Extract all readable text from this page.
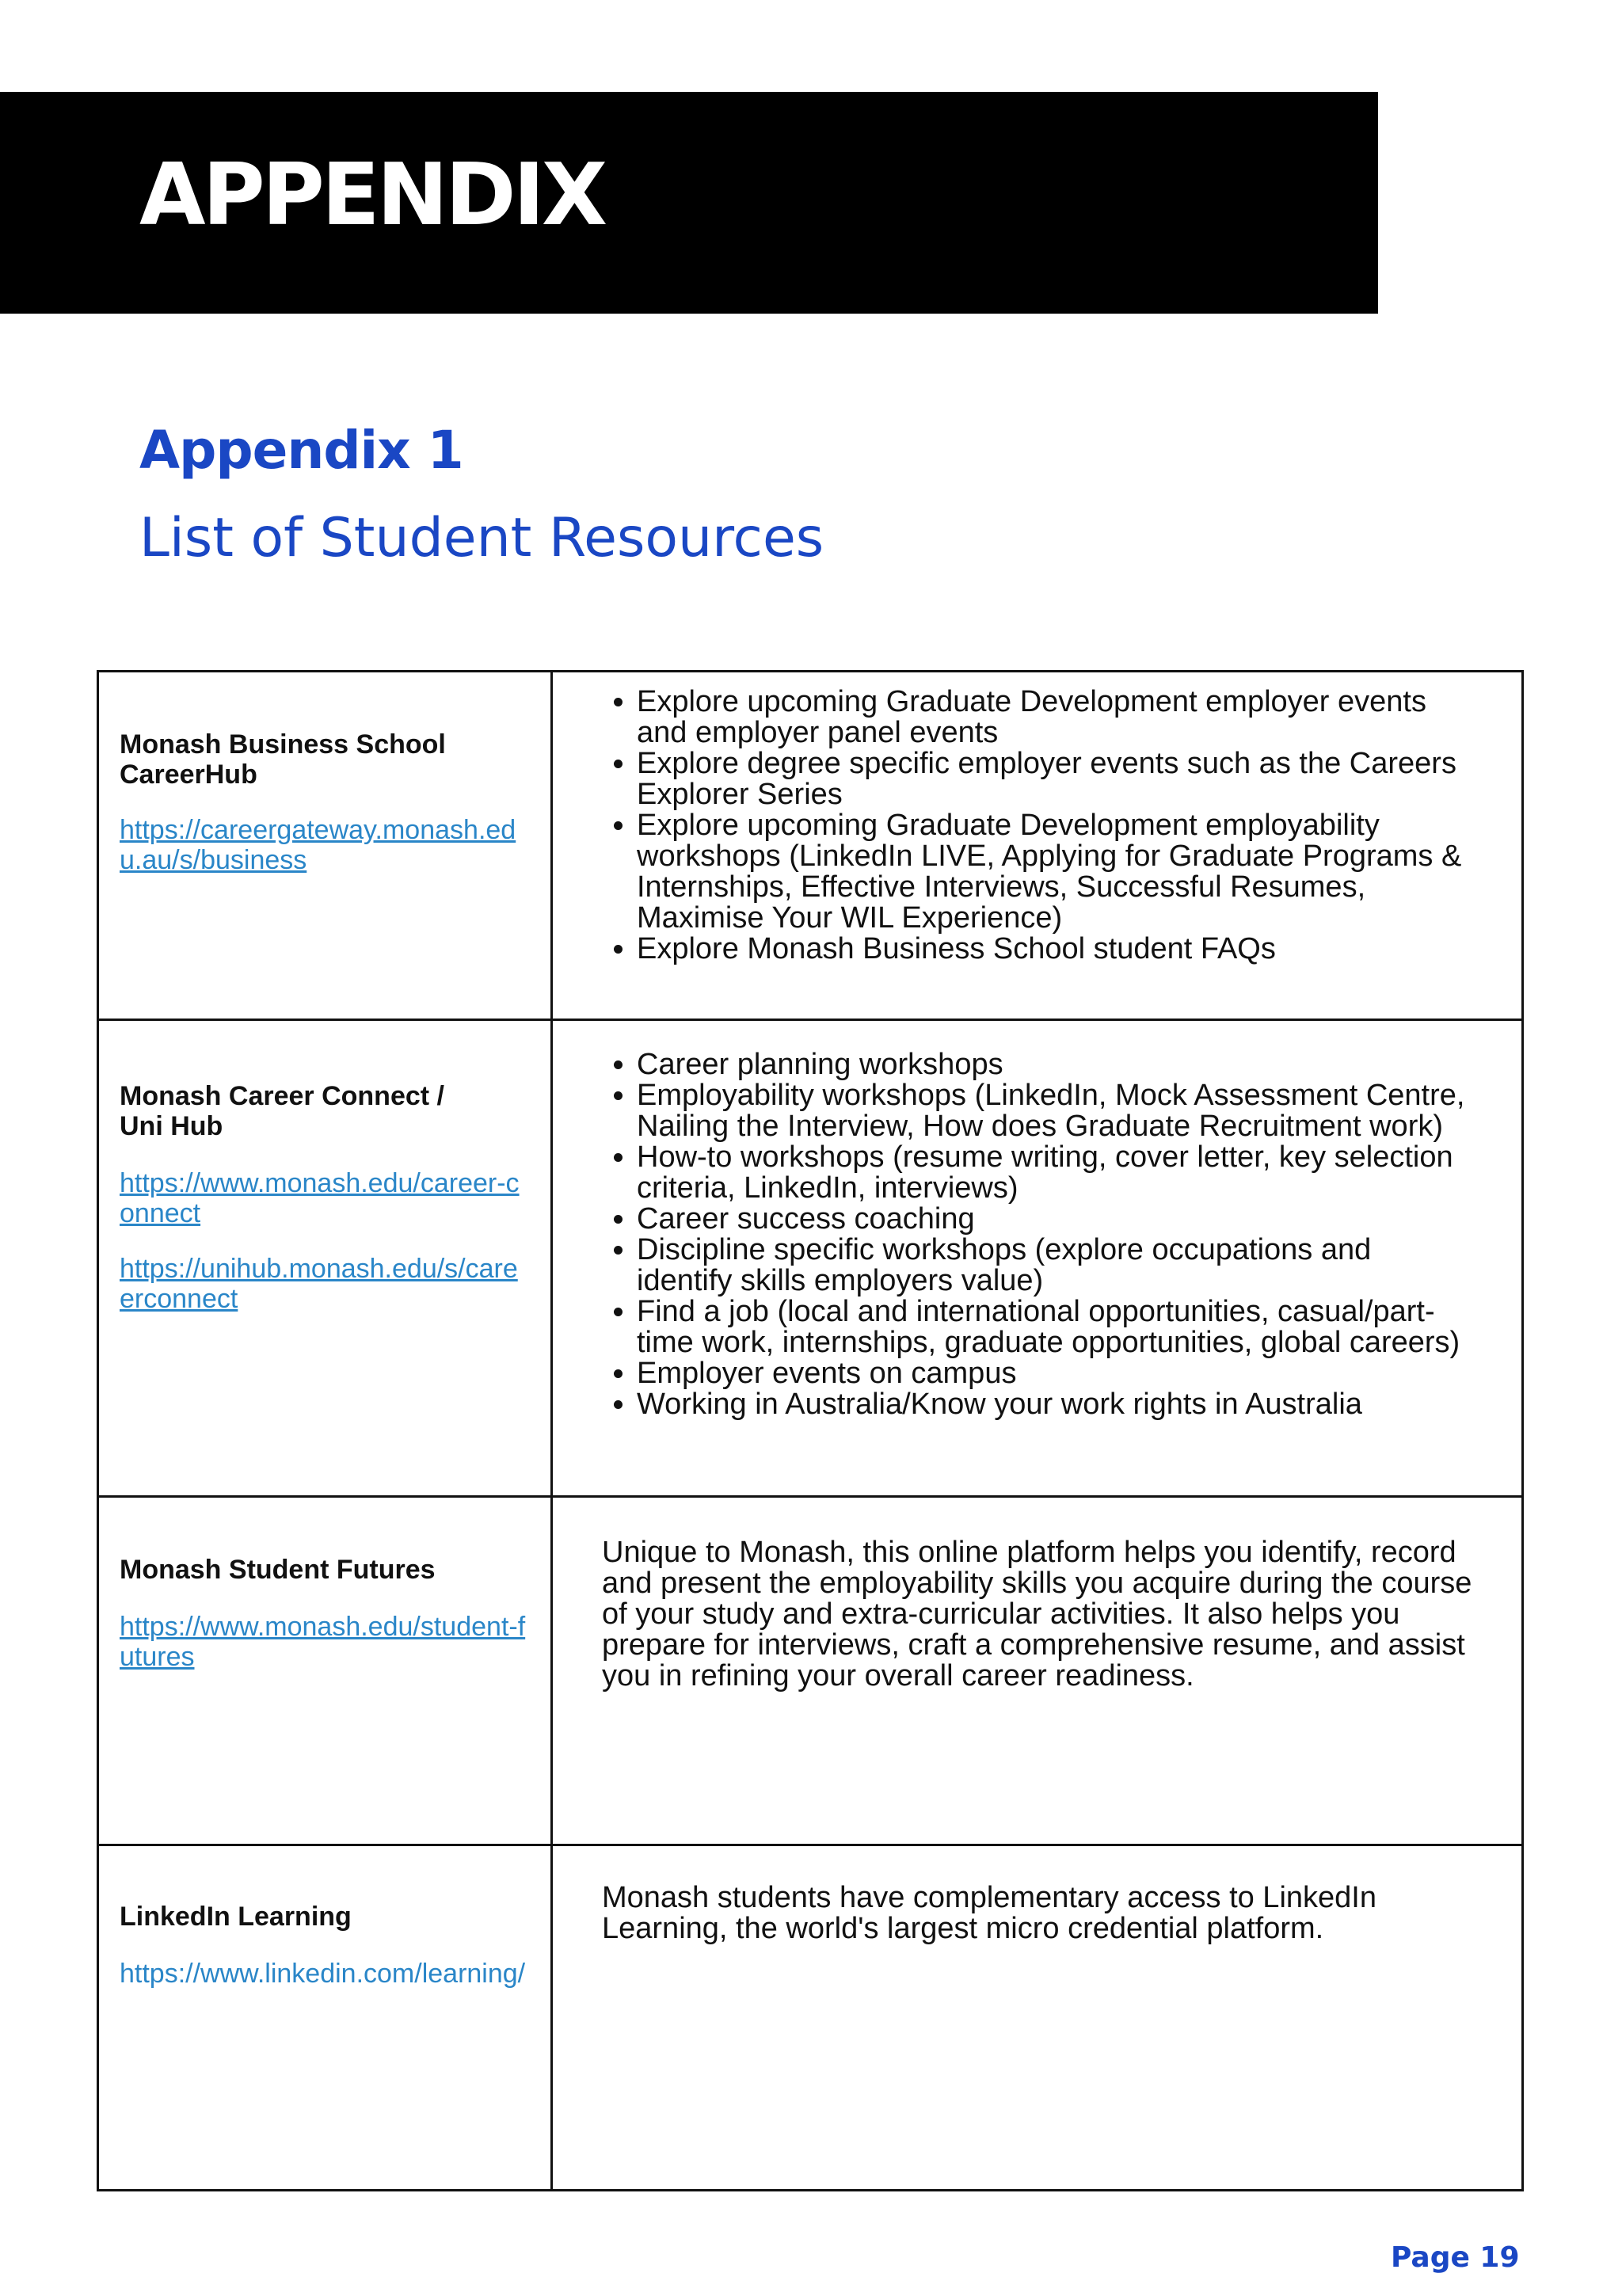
APPENDIX
Appendix 1
List of Student Resources
Monash Business School
CareerHub
https://careergateway.monash.edu.au/s/business
• Explore upcoming Graduate Development employer events and employer panel events
• Explore degree specific employer events such as the Careers Explorer Series
• Explore upcoming Graduate Development employability workshops (LinkedIn LIVE, Applying for Graduate Programs & Internships, Effective Interviews, Successful Resumes, Maximise Your WIL Experience)
• Explore Monash Business School student FAQs
Monash Career Connect /
Uni Hub
https://www.monash.edu/career-connect
https://unihub.monash.edu/s/careerconnect
• Career planning workshops
• Employability workshops (LinkedIn, Mock Assessment Centre, Nailing the Interview, How does Graduate Recruitment work)
• How-to workshops (resume writing, cover letter, key selection criteria, LinkedIn, interviews)
• Career success coaching
• Discipline specific workshops (explore occupations and identify skills employers value)
• Find a job (local and international opportunities, casual/part-time work, internships, graduate opportunities, global careers)
• Employer events on campus
• Working in Australia/Know your work rights in Australia
Monash Student Futures
https://www.monash.edu/student-futures

Unique to Monash, this online platform helps you identify, record and present the employability skills you acquire during the course of your study and extra-curricular activities. It also helps you prepare for interviews, craft a comprehensive resume, and assist you in refining your overall career readiness.

LinkedIn Learning
https://www.linkedin.com/learning/

Monash students have complementary access to LinkedIn Learning, the world's largest micro credential platform.

Page 19
